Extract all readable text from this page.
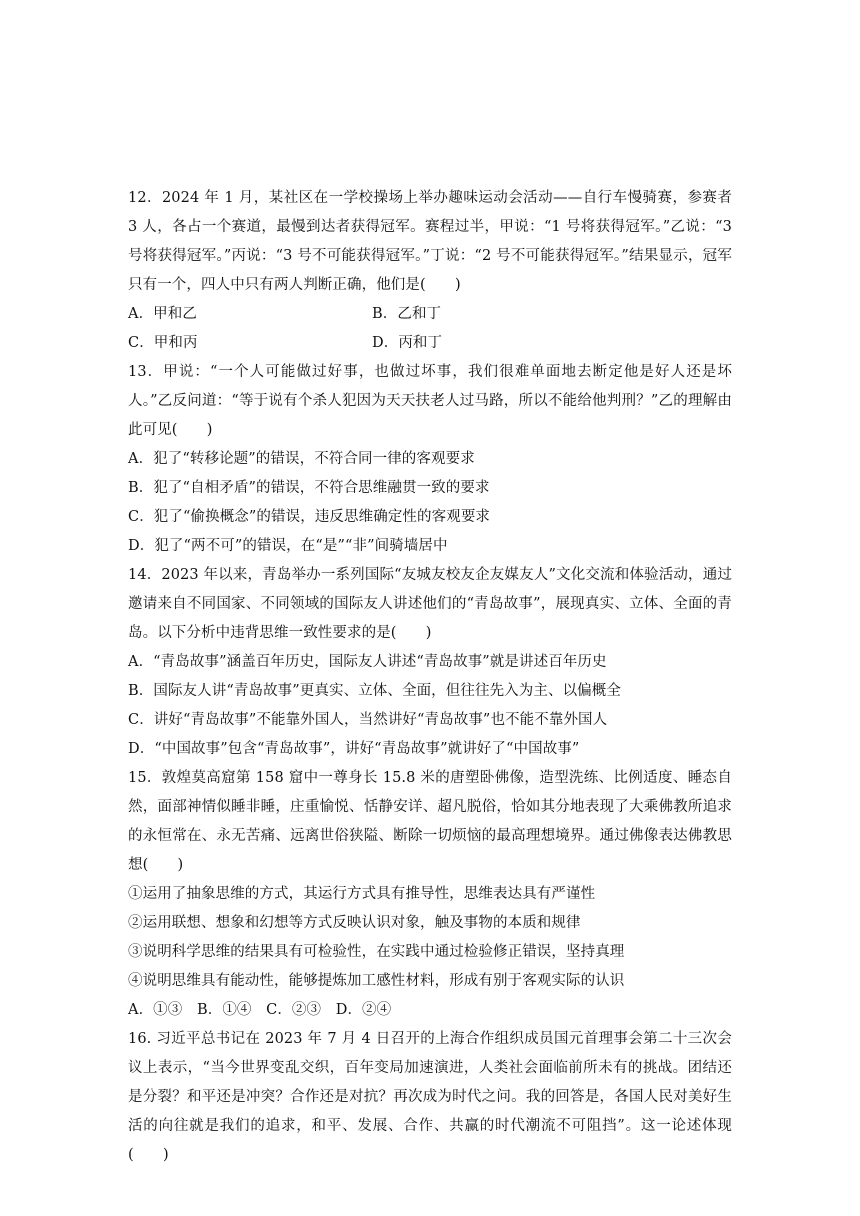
12．2024 年 1 月，某社区在一学校操场上举办趣味运动会活动——自行车慢骑赛，参赛者 3 人，各占一个赛道，最慢到达者获得冠军。赛程过半，甲说：“1 号将获得冠军。”乙说：“3 号将获得冠军。”丙说：“3 号不可能获得冠军。”丁说：“2 号不可能获得冠军。”结果显示，冠军只有一个，四人中只有两人判断正确，他们是(　　)

A．甲和乙	B．乙和丁
C．甲和丙	D．丙和丁

13．甲说：“一个人可能做过好事，也做过坏事，我们很难单面地去断定他是好人还是坏人。”乙反问道：“等于说有个杀人犯因为天天扶老人过马路，所以不能给他判刑？”乙的理解由此可见(　　)

A．犯了“转移论题”的错误，不符合同一律的客观要求

B．犯了“自相矛盾”的错误，不符合思维融贯一致的要求

C．犯了“偷换概念”的错误，违反思维确定性的客观要求

D．犯了“两不可”的错误，在“是”“非”间骑墙居中

14．2023 年以来，青岛举办一系列国际“友城友校友企友媒友人”文化交流和体验活动，通过邀请来自不同国家、不同领域的国际友人讲述他们的“青岛故事”，展现真实、立体、全面的青岛。以下分析中违背思维一致性要求的是(　　)

A．“青岛故事”涵盖百年历史，国际友人讲述“青岛故事”就是讲述百年历史

B．国际友人讲“青岛故事”更真实、立体、全面，但往往先入为主、以偏概全

C．讲好“青岛故事”不能靠外国人，当然讲好“青岛故事”也不能不靠外国人

D．“中国故事”包含“青岛故事”，讲好“青岛故事”就讲好了“中国故事”

15．敦煌莫高窟第 158 窟中一尊身长 15.8 米的唐塑卧佛像，造型洗练、比例适度、睡态自然，面部神情似睡非睡，庄重愉悦、恬静安详、超凡脱俗，恰如其分地表现了大乘佛教所追求的永恒常在、永无苦痛、远离世俗狭隘、断除一切烦恼的最高理想境界。通过佛像表达佛教思想(　　)

①运用了抽象思维的方式，其运行方式具有推导性，思维表达具有严谨性

②运用联想、想象和幻想等方式反映认识对象，触及事物的本质和规律

③说明科学思维的结果具有可检验性，在实践中通过检验修正错误，坚持真理

④说明思维具有能动性，能够提炼加工感性材料，形成有别于客观实际的认识

A．①③　B．①④　C．②③　D．②④

16. 习近平总书记在 2023 年 7 月 4 日召开的上海合作组织成员国元首理事会第二十三次会议上表示，“当今世界变乱交织，百年变局加速演进，人类社会面临前所未有的挑战。团结还是分裂？和平还是冲突？合作还是对抗？再次成为时代之问。我的回答是，各国人民对美好生活的向往就是我们的追求，和平、发展、合作、共赢的时代潮流不可阻挡”。这一论述体现(　　)
